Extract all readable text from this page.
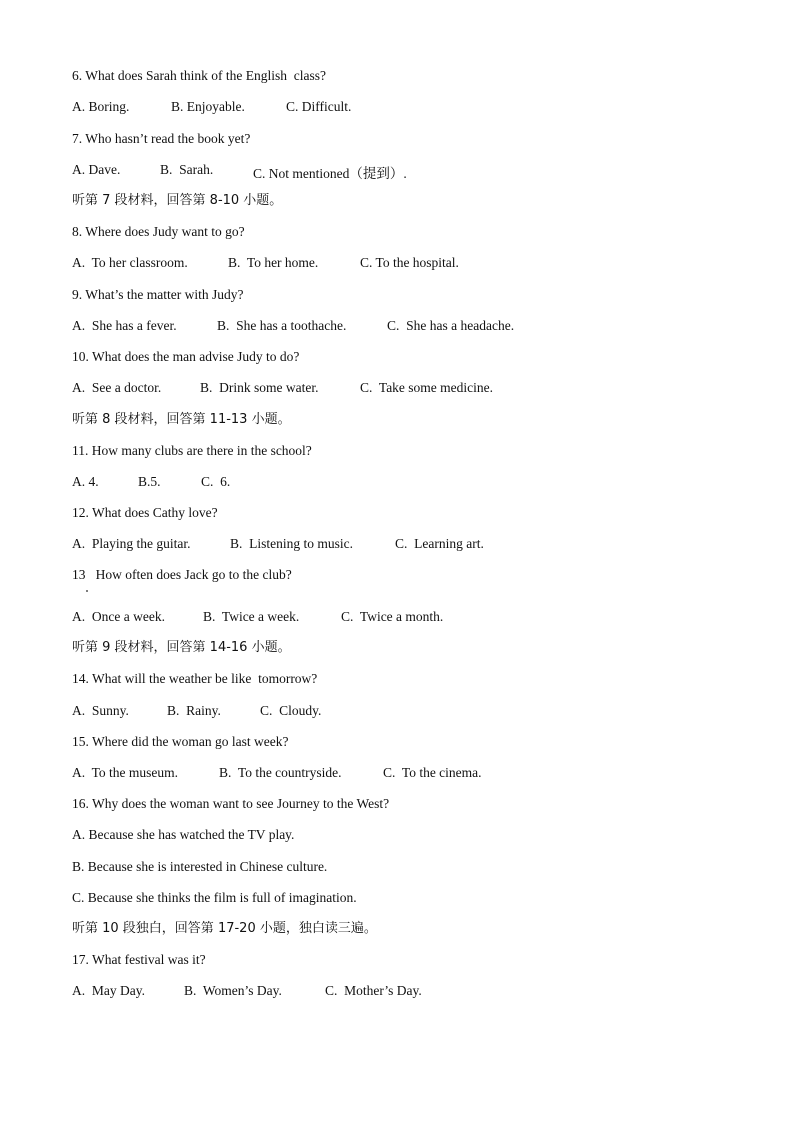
6. What does Sarah think of the English  class?
A. Boring.	B. Enjoyable.	C. Difficult.
7. Who hasn’t read the book yet?
A. Dave.	B.  Sarah.	C. Not mentioned（提到）.
听第 7 段材料，回答第 8-10 小题。
8. Where does Judy want to go?
A.  To her classroom.	B.  To her home.	C. To the hospital.
9. What’s the matter with Judy?
A.  She has a fever.	B.  She has a toothache.	C.  She has a headache.
10. What does the man advise Judy to do?
A.  See a doctor.	B.  Drink some water.	C.  Take some medicine.
听第 8 段材料，回答第 11-13 小题。
11. How many clubs are there in the school?
A. 4.	B.5.	C.  6.
12. What does Cathy love?
A.  Playing the guitar.	B.  Listening to music.	C.  Learning art.
13   How often does Jack go to the club?
A.  Once a week.	B.  Twice a week.	C.  Twice a month.
听第 9 段材料，回答第 14-16 小题。
14. What will the weather be like  tomorrow?
A.  Sunny.	B.  Rainy.	C.  Cloudy.
15. Where did the woman go last week?
A.  To the museum.	B.  To the countryside.	C.  To the cinema.
16. Why does the woman want to see Journey to the West?
A. Because she has watched the TV play.
B. Because she is interested in Chinese culture.
C. Because she thinks the film is full of imagination.
听第 10 段独白，回答第 17-20 小题，独白读三遍。
17. What festival was it?
A.  May Day.	B.  Women’s Day.	C.  Mother’s Day.
